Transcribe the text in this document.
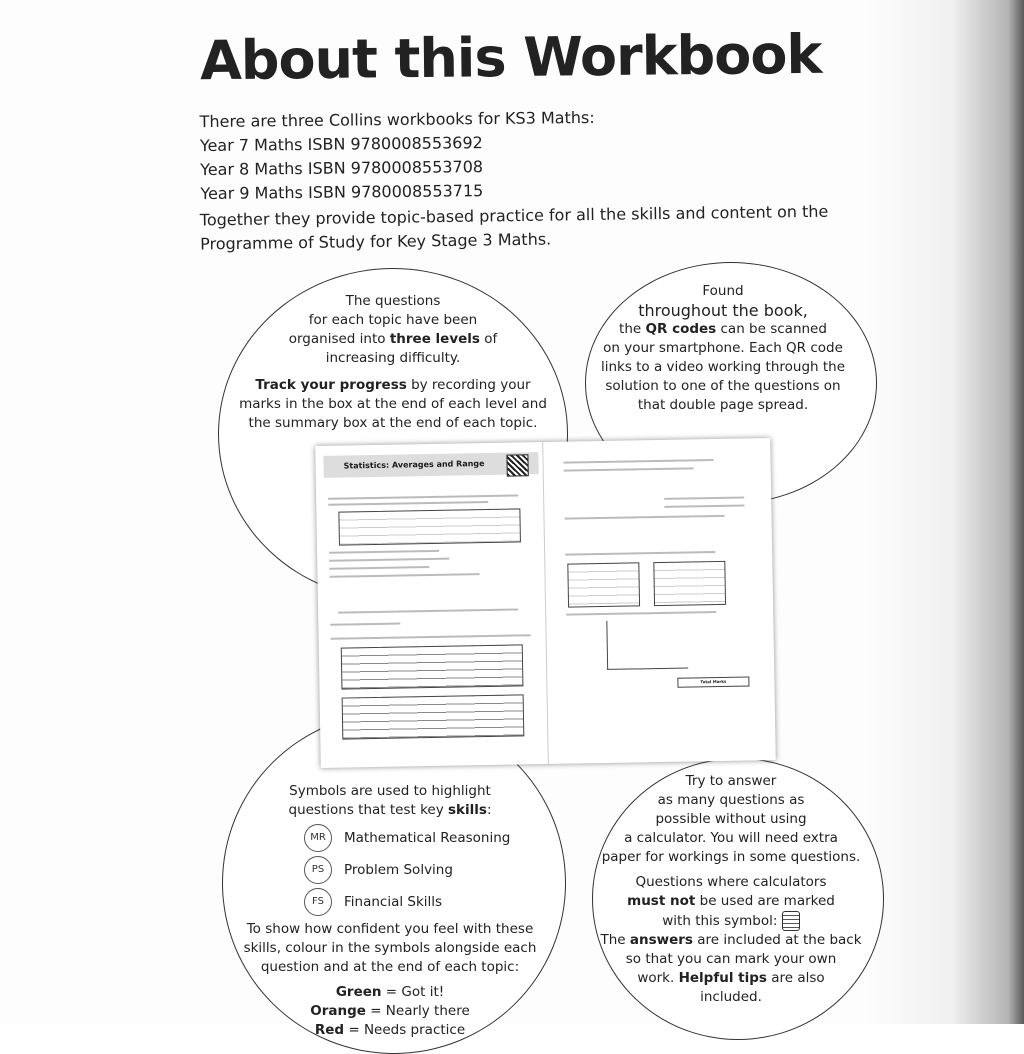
About this Workbook
There are three Collins workbooks for KS3 Maths:
Year 7 Maths ISBN 9780008553692
Year 8 Maths ISBN 9780008553708
Year 9 Maths ISBN 9780008553715
Together they provide topic-based practice for all the skills and content on the Programme of Study for Key Stage 3 Maths.
Found
throughout the book,
the QR codes can be scanned
on your smartphone. Each QR code
links to a video working through the
solution to one of the questions on
that double page spread.
The questions
for each topic have been
organised into three levels of
increasing difficulty.
Track your progress by recording your
marks in the box at the end of each level and
the summary box at the end of each topic.
Symbols are used to highlight
questions that test key skills:
MR	Mathematical Reasoning
PS	Problem Solving
FS	Financial Skills
To show how confident you feel with these
skills, colour in the symbols alongside each
question and at the end of each topic:
Green = Got it!
Orange = Nearly there
Red = Needs practice
Try to answer
as many questions as
possible without using
a calculator. You will need extra
paper for workings in some questions.
Questions where calculators
must not be used are marked
with this symbol:
The answers are included at the back
so that you can mark your own
work. Helpful tips are also
included.
Statistics: Averages and Range
Total Marks
